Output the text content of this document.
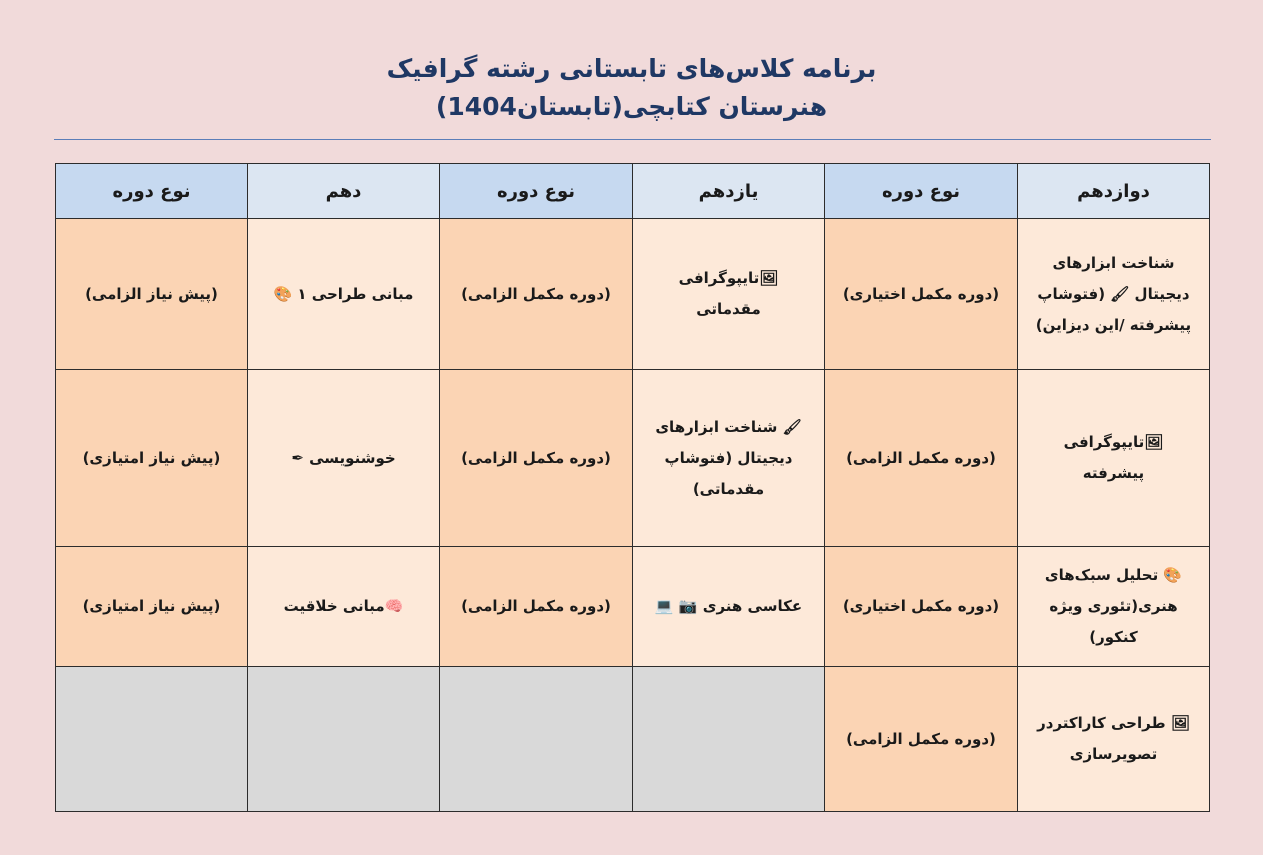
برنامه کلاس‌های تابستانی رشته گرافیک
هنرستان کتابچی(تابستان1404)
دوازدهم	نوع دوره	یازدهم	نوع دوره	دهم	نوع دوره
شناخت ابزارهای دیجیتال 🖌 (فتوشاپ پیشرفته /این دیزاین)	(دوره مکمل اختیاری)	🖼تایپوگرافی مقدماتی	(دوره مکمل الزامی)	مبانی طراحی ۱ 🎨	(پیش نیاز الزامی)
🖼تایپوگرافی پیشرفته	(دوره مکمل الزامی)	🖌 شناخت ابزارهای دیجیتال (فتوشاپ مقدماتی)	(دوره مکمل الزامی)	خوشنویسی ✒	(پیش نیاز امتیازی)
🎨 تحلیل سبک‌های هنری(تئوری ویژه کنکور)	(دوره مکمل اختیاری)	عکاسی هنری 📷 💻	(دوره مکمل الزامی)	🧠مبانی خلاقیت	(پیش نیاز امتیازی)
🖼 طراحی کاراکتردر تصویرسازی	(دوره مکمل الزامی)				
